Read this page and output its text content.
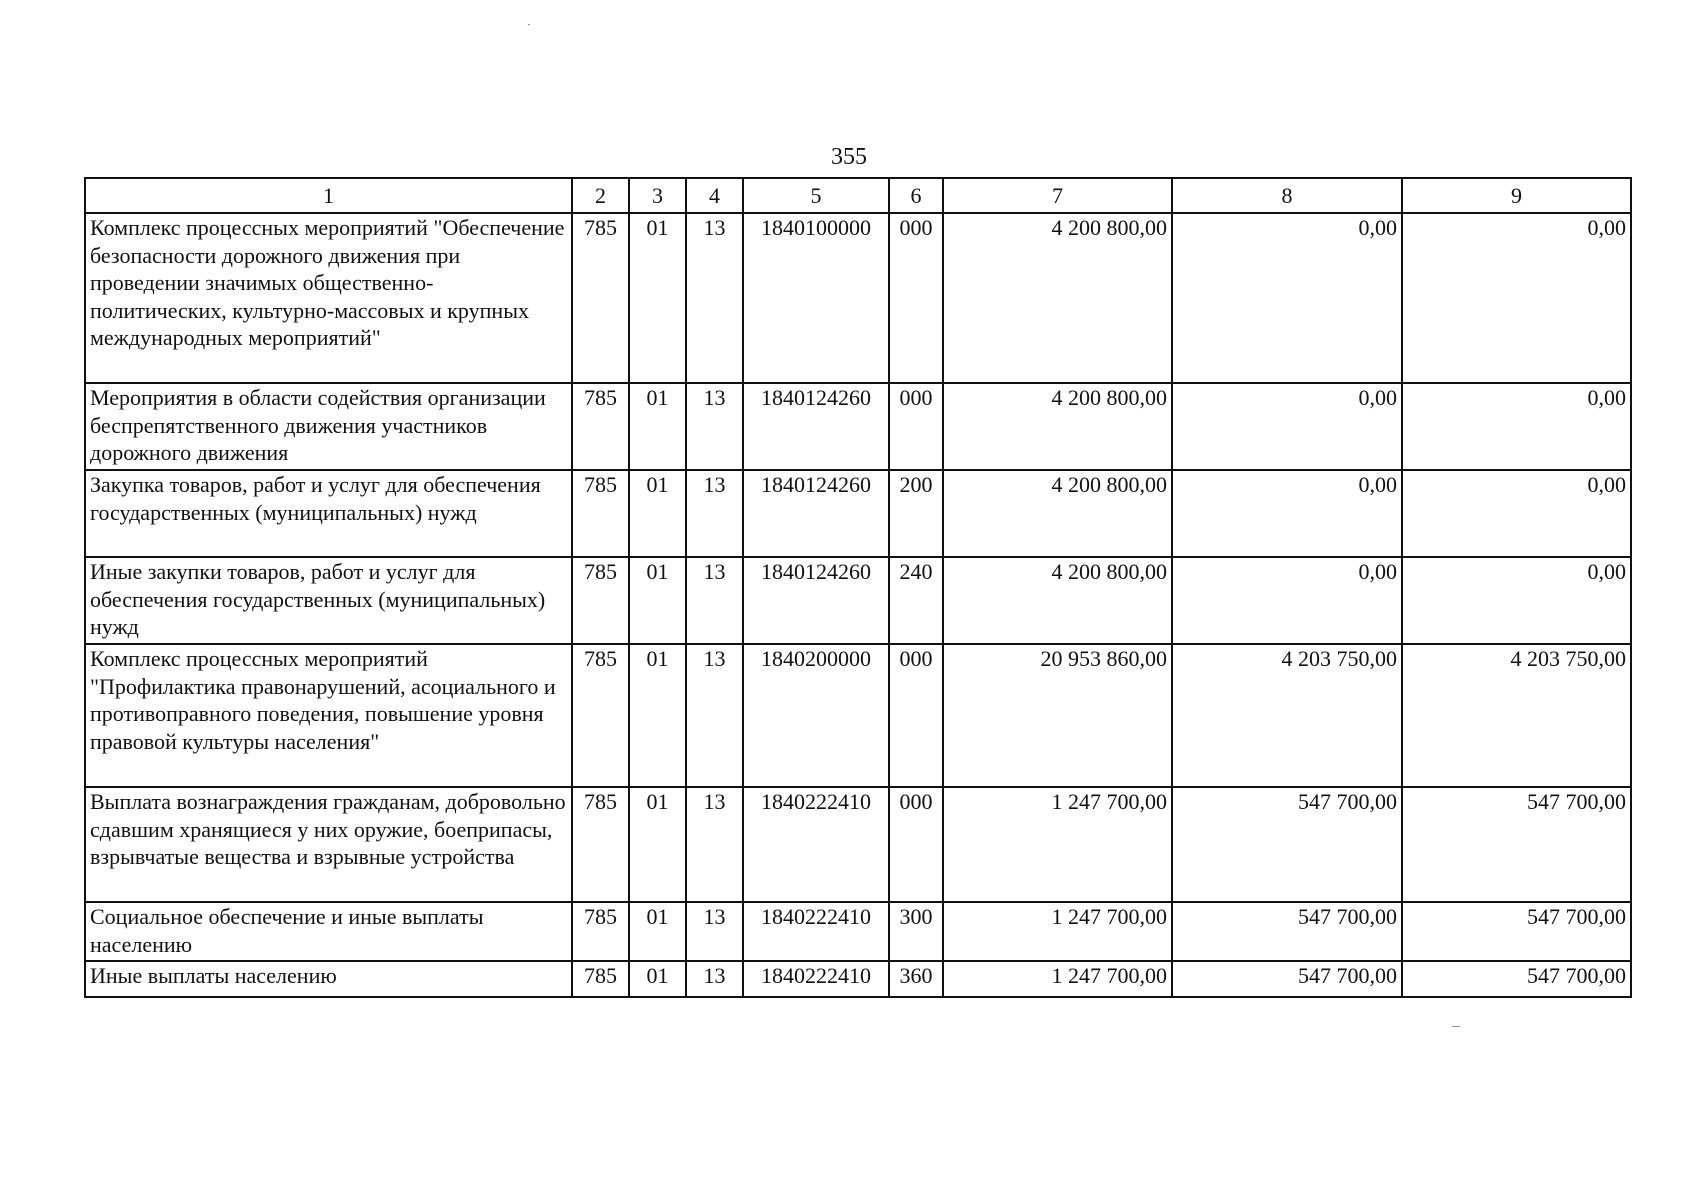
355
1	2	3	4	5	6	7	8	9
Комплекс процессных мероприятий "Обеспечение безопасности дорожного движения при проведении значимых общественно-политических, культурно-массовых и крупных международных мероприятий"	785	01	13	1840100000	000	4 200 800,00	0,00	0,00
Мероприятия в области содействия организации беспрепятственного движения участников дорожного движения	785	01	13	1840124260	000	4 200 800,00	0,00	0,00
Закупка товаров, работ и услуг для обеспечения государственных (муниципальных) нужд	785	01	13	1840124260	200	4 200 800,00	0,00	0,00
Иные закупки товаров, работ и услуг для обеспечения государственных (муниципальных) нужд	785	01	13	1840124260	240	4 200 800,00	0,00	0,00
Комплекс процессных мероприятий "Профилактика правонарушений, асоциального и противоправного поведения, повышение уровня правовой культуры населения"	785	01	13	1840200000	000	20 953 860,00	4 203 750,00	4 203 750,00
Выплата вознаграждения гражданам, добровольно сдавшим хранящиеся у них оружие, боеприпасы, взрывчатые вещества и взрывные устройства	785	01	13	1840222410	000	1 247 700,00	547 700,00	547 700,00
Социальное обеспечение и иные выплаты населению	785	01	13	1840222410	300	1 247 700,00	547 700,00	547 700,00
Иные выплаты населению	785	01	13	1840222410	360	1 247 700,00	547 700,00	547 700,00
